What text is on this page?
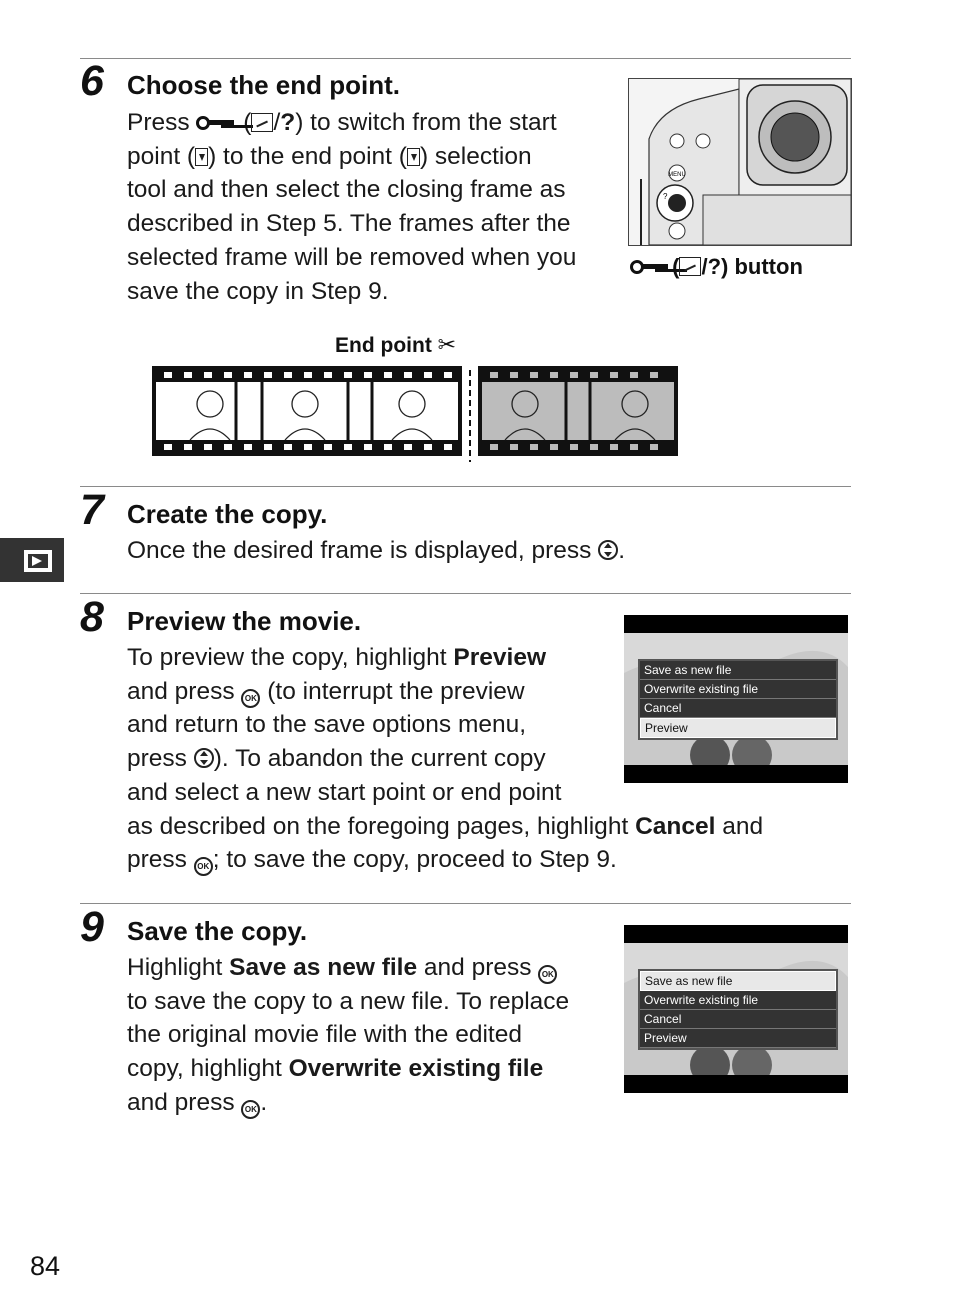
6 Choose the end point.
Press ( /?) to switch from the start
point ( ) to the end point ( ) selection
tool and then select the closing frame as
described in Step 5. The frames after the
selected frame will be removed when you
save the copy in Step 9.
MENU
?
( /?) button
End point ✂
7 Create the copy.
Once the desired frame is displayed, press .
8 Preview the movie.
To preview the copy, highlight Preview
and press OK (to interrupt the preview
and return to the save options menu,
press ). To abandon the current copy
and select a new start point or end point
as described on the foregoing pages, highlight Cancel and
press OK ; to save the copy, proceed to Step 9.
Save as new file
Overwrite existing file
Cancel
Preview
9 Save the copy.
Highlight Save as new file and press OK
to save the copy to a new file. To replace
the original movie file with the edited
copy, highlight Overwrite existing file
and press OK .
Save as new file
Overwrite existing file
Cancel
Preview
84
